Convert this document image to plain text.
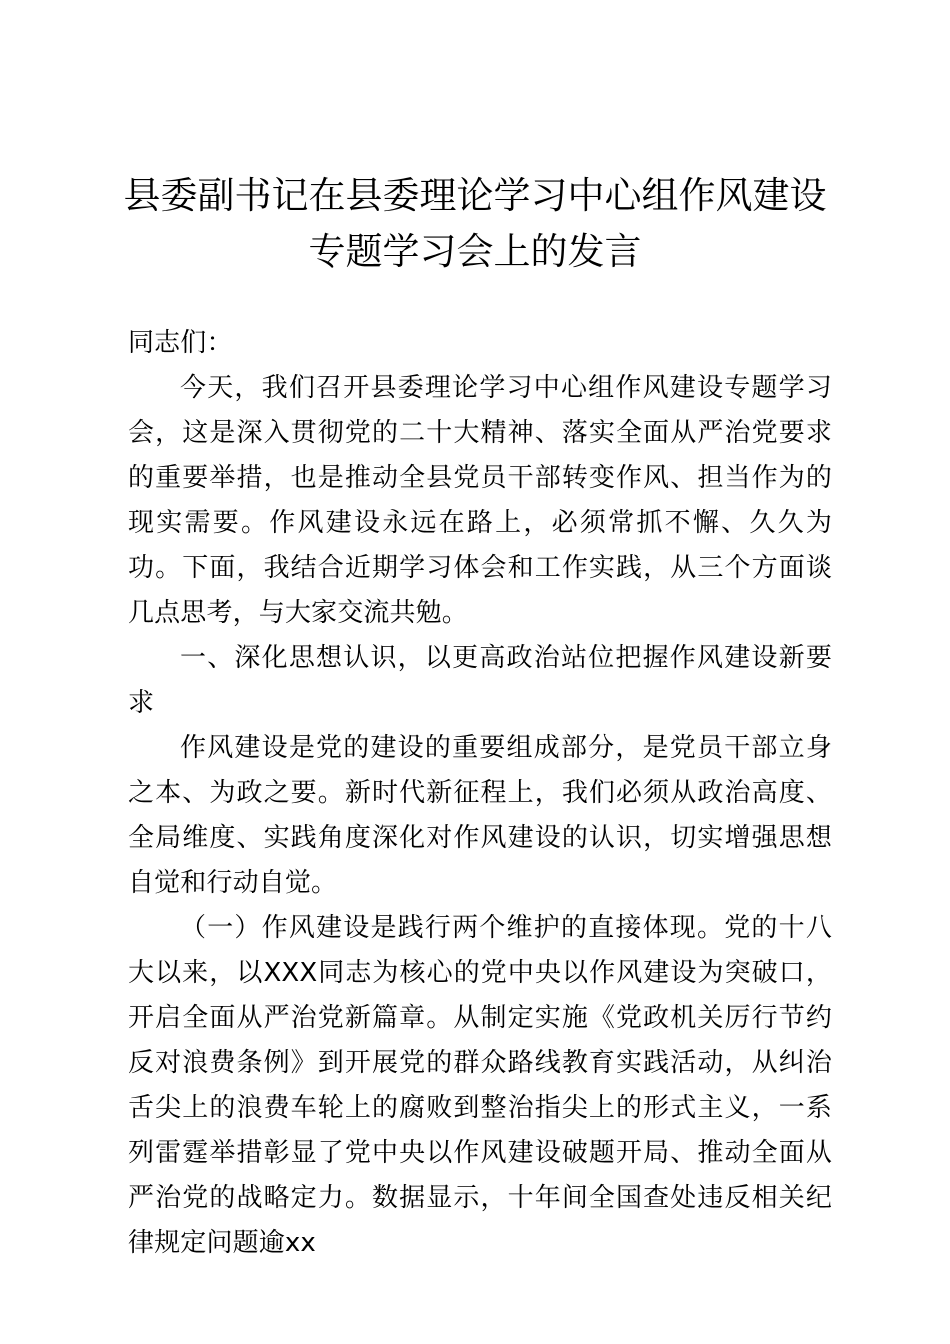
县委副书记在县委理论学习中心组作风建设专题学习会上的发言

同志们：

今天，我们召开县委理论学习中心组作风建设专题学习会，这是深入贯彻党的二十大精神、落实全面从严治党要求的重要举措，也是推动全县党员干部转变作风、担当作为的现实需要。作风建设永远在路上，必须常抓不懈、久久为功。下面，我结合近期学习体会和工作实践，从三个方面谈几点思考，与大家交流共勉。

一、深化思想认识，以更高政治站位把握作风建设新要求

作风建设是党的建设的重要组成部分，是党员干部立身之本、为政之要。新时代新征程上，我们必须从政治高度、全局维度、实践角度深化对作风建设的认识，切实增强思想自觉和行动自觉。

（一）作风建设是践行两个维护的直接体现。党的十八大以来，以XXX同志为核心的党中央以作风建设为突破口，开启全面从严治党新篇章。从制定实施《党政机关厉行节约反对浪费条例》到开展党的群众路线教育实践活动，从纠治舌尖上的浪费车轮上的腐败到整治指尖上的形式主义，一系列雷霆举措彰显了党中央以作风建设破题开局、推动全面从严治党的战略定力。数据显示，十年间全国查处违反相关纪律规定问题逾xx
